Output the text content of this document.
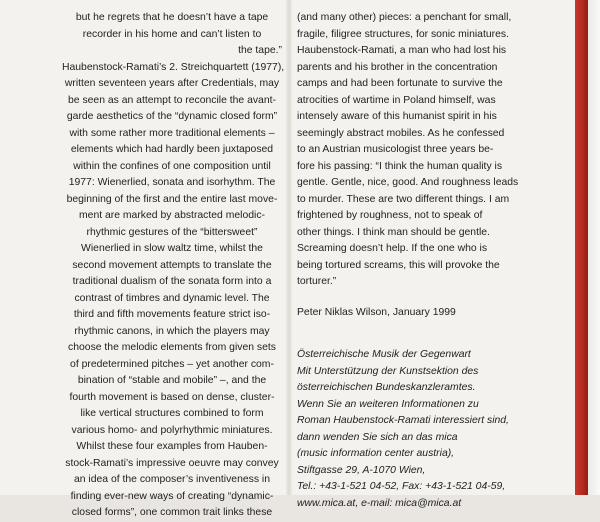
but he regrets that he doesn’t have a tape
recorder in his home and can’t listen to
the tape.”
Haubenstock-Ramati’s 2. Streichquartett (1977),
written seventeen years after Credentials, may
be seen as an attempt to reconcile the avant-
garde aesthetics of the “dynamic closed form”
with some rather more traditional elements –
elements which had hardly been juxtaposed
within the confines of one composition until
1977: Wienerlied, sonata and isorhythm. The
beginning of the first and the entire last move-
ment are marked by abstracted melodic-
rhythmic gestures of the “bittersweet”
Wienerlied in slow waltz time, whilst the
second movement attempts to translate the
traditional dualism of the sonata form into a
contrast of timbres and dynamic level. The
third and fifth movements feature strict iso-
rhythmic canons, in which the players may
choose the melodic elements from given sets
of predetermined pitches – yet another com-
bination of “stable and mobile” –, and the
fourth movement is based on dense, cluster-
like vertical structures combined to form
various homo- and polyrhythmic miniatures.
Whilst these four examples from Hauben-
stock-Ramati’s impressive oeuvre may convey
an idea of the composer’s inventiveness in
finding ever-new ways of creating “dynamic-
closed forms”, one common trait links these
(and many other) pieces: a penchant for small,
fragile, filigree structures, for sonic miniatures.
Haubenstock-Ramati, a man who had lost his
parents and his brother in the concentration
camps and had been fortunate to survive the
atrocities of wartime in Poland himself, was
intensely aware of this humanist spirit in his
seemingly abstract mobiles. As he confessed
to an Austrian musicologist three years be-
fore his passing: “I think the human quality is
gentle. Gentle, nice, good. And roughness leads
to murder. These are two different things. I am
frightened by roughness, not to speak of
other things. I think man should be gentle.
Screaming doesn’t help. If the one who is
being tortured screams, this will provoke the
torturer.”
Peter Niklas Wilson, January 1999
Österreichische Musik der Gegenwart
Mit Unterstützung der Kunstsektion des
österreichischen Bundeskanzleramtes.
Wenn Sie an weiteren Informationen zu
Roman Haubenstock-Ramati interessiert sind,
dann wenden Sie sich an das mica
(music information center austria),
Stiftgasse 29, A-1070 Wien,
Tel.: +43-1-521 04-52, Fax: +43-1-521 04-59,
www.mica.at, e-mail: mica@mica.at
